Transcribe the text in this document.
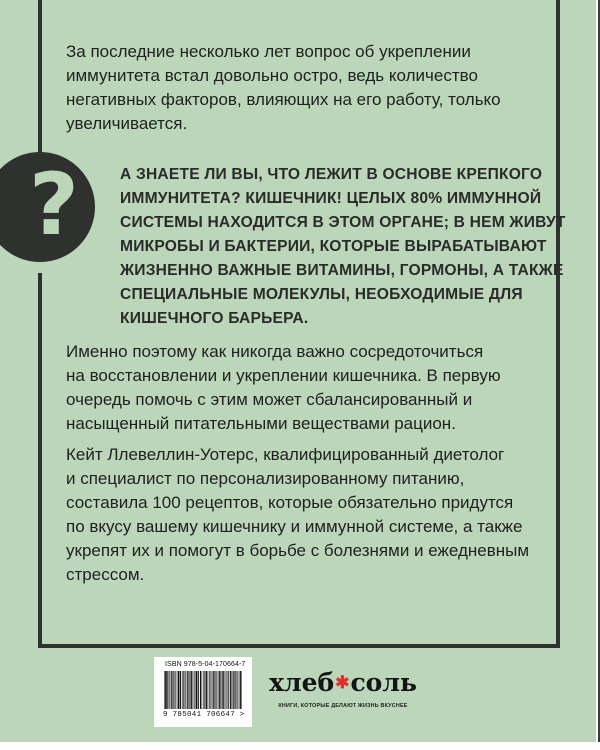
?

За последние несколько лет вопрос об укреплении
иммунитета встал довольно остро, ведь количество
негативных факторов, влияющих на его работу, только
увеличивается.

А ЗНАЕТЕ ЛИ ВЫ, ЧТО ЛЕЖИТ В ОСНОВЕ КРЕПКОГО
ИММУНИТЕТА? КИШЕЧНИК! ЦЕЛЫХ 80% ИММУННОЙ
СИСТЕМЫ НАХОДИТСЯ В ЭТОМ ОРГАНЕ; В НЕМ ЖИВУТ
МИКРОБЫ И БАКТЕРИИ, КОТОРЫЕ ВЫРАБАТЫВАЮТ
ЖИЗНЕННО ВАЖНЫЕ ВИТАМИНЫ, ГОРМОНЫ, А ТАКЖЕ
СПЕЦИАЛЬНЫЕ МОЛЕКУЛЫ, НЕОБХОДИМЫЕ ДЛЯ
КИШЕЧНОГО БАРЬЕРА.

Именно поэтому как никогда важно сосредоточиться
на восстановлении и укреплении кишечника. В первую
очередь помочь с этим может сбалансированный и
насыщенный питательными веществами рацион.

Кейт Ллевеллин-Уотерс, квалифицированный диетолог
и специалист по персонализированному питанию,
составила 100 рецептов, которые обязательно придутся
по вкусу вашему кишечнику и иммунной системе, а также
укрепят их и помогут в борьбе с болезнями и ежедневным
стрессом.

ISBN 978-5-04-170664-7
9 785041 706647 >
хлеб ✱ соль
КНИГИ, КОТОРЫЕ ДЕЛАЮТ ЖИЗНЬ ВКУСНЕЕ
